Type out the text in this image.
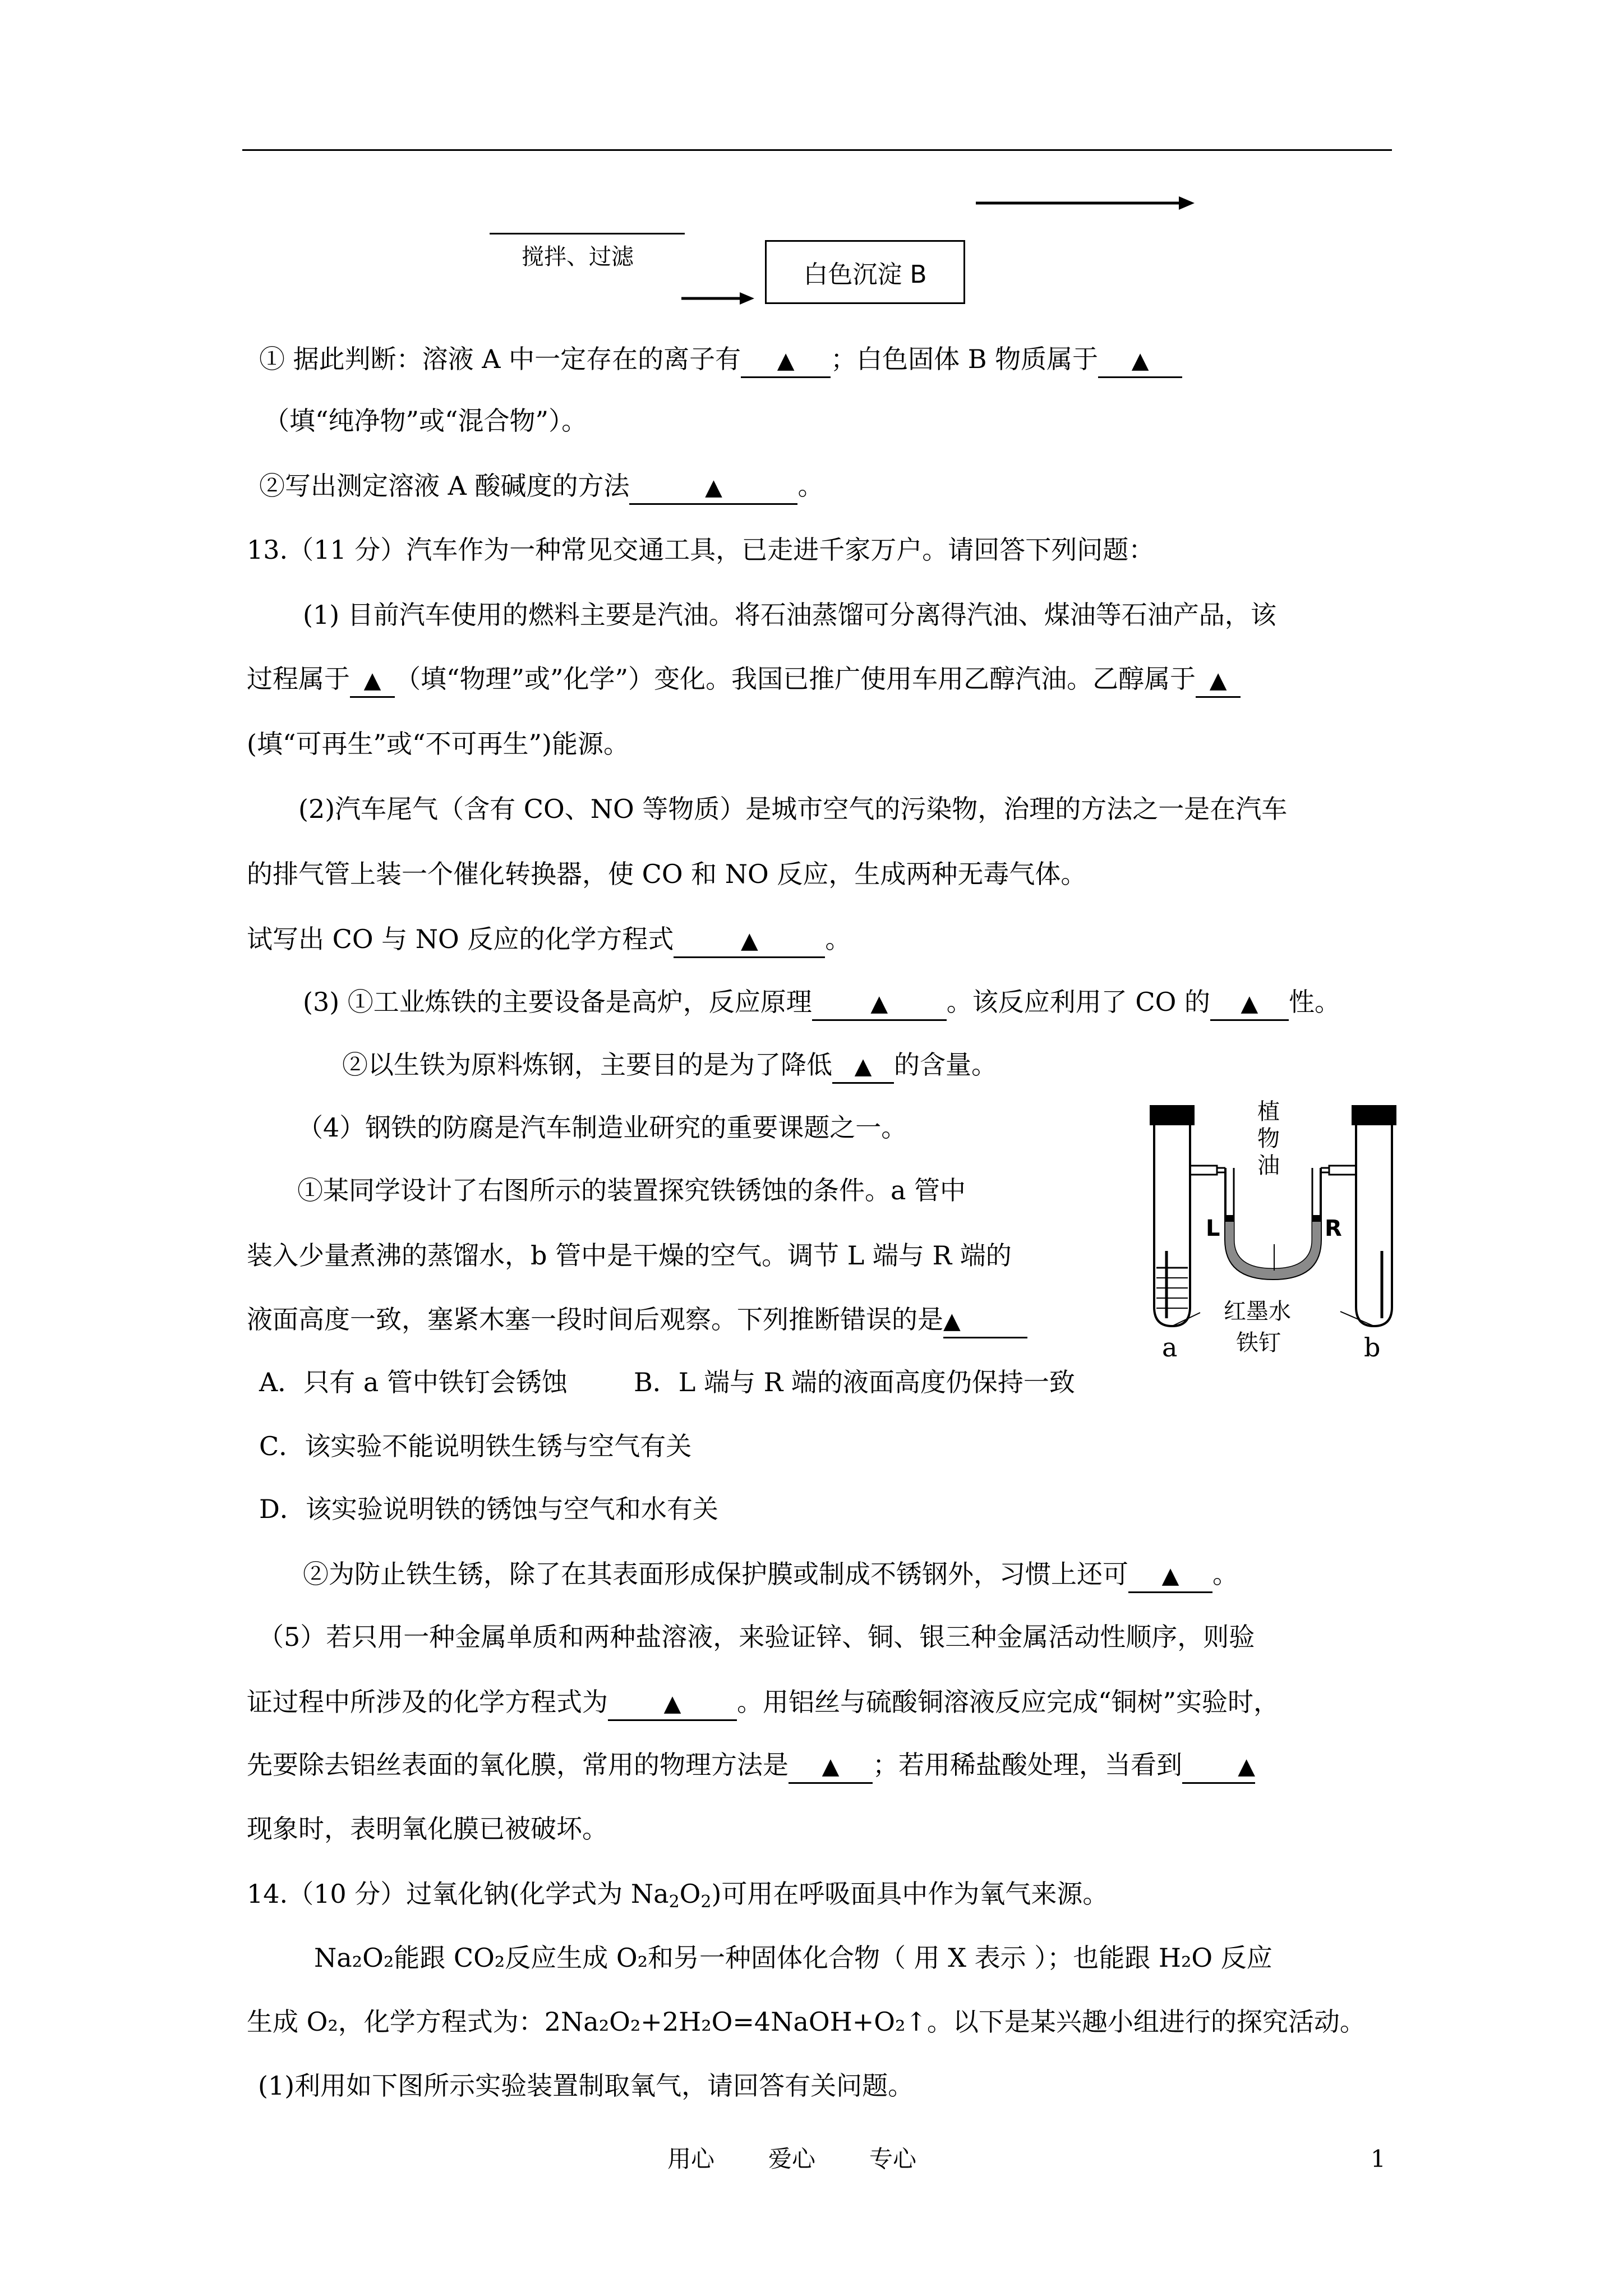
搅拌、过滤
白色沉淀 B
① 据此判断：溶液 A 中一定存在的离子有 ▲ ；白色固体 B 物质属于 ▲
（填“纯净物”或“混合物”）。
②写出测定溶液 A 酸碱度的方法	▲	。
13.（11 分）汽车作为一种常见交通工具，已走进千家万户。请回答下列问题：
(1) 目前汽车使用的燃料主要是汽油。将石油蒸馏可分离得汽油、煤油等石油产品，该
过程属于 ▲ （填“物理”或”化学”）变化。我国已推广使用车用乙醇汽油。乙醇属于 ▲
(填“可再生”或“不可再生”)能源。
(2)汽车尾气（含有 CO、NO 等物质）是城市空气的污染物，治理的方法之一是在汽车
的排气管上装一个催化转换器，使 CO 和 NO 反应，生成两种无毒气体。
试写出 CO 与 NO 反应的化学方程式	▲	。
(3) ①工业炼铁的主要设备是高炉，反应原理	▲ 。该反应利用了 CO 的 ▲ 性。
②以生铁为原料炼钢，主要目的是为了降低 ▲ 的含量。
（4）钢铁的防腐是汽车制造业研究的重要课题之一。
①某同学设计了右图所示的装置探究铁锈蚀的条件。a 管中
装入少量煮沸的蒸馏水，b 管中是干燥的空气。调节 L 端与 R 端的
液面高度一致，塞紧木塞一段时间后观察。下列推断错误的是▲
A．只有 a 管中铁钉会锈蚀	B．L 端与 R 端的液面高度仍保持一致
C．该实验不能说明铁生锈与空气有关
D．该实验说明铁的锈蚀与空气和水有关
②为防止铁生锈，除了在其表面形成保护膜或制成不锈钢外，习惯上还可 ▲ 。
（5）若只用一种金属单质和两种盐溶液，来验证锌、铜、银三种金属活动性顺序，则验
证过程中所涉及的化学方程式为 ▲ 。用铝丝与硫酸铜溶液反应完成“铜树”实验时，
先要除去铝丝表面的氧化膜，常用的物理方法是 ▲ ；若用稀盐酸处理，当看到 ▲
现象时，表明氧化膜已被破坏。
植物油
L	R
红墨水
铁钉
a	b
14.（10 分）过氧化钠(化学式为 $Na_2O_2$)可用在呼吸面具中作为氧气来源。
Na₂O₂能跟 CO₂反应生成 O₂和另一种固体化合物（ 用 X 表示 ）；也能跟 H₂O 反应
生成 O₂，化学方程式为：2Na₂O₂+2H₂O=4NaOH+O₂↑。以下是某兴趣小组进行的探究活动。
(1)利用如下图所示实验装置制取氧气，请回答有关问题。
用心 爱心 专心	1
